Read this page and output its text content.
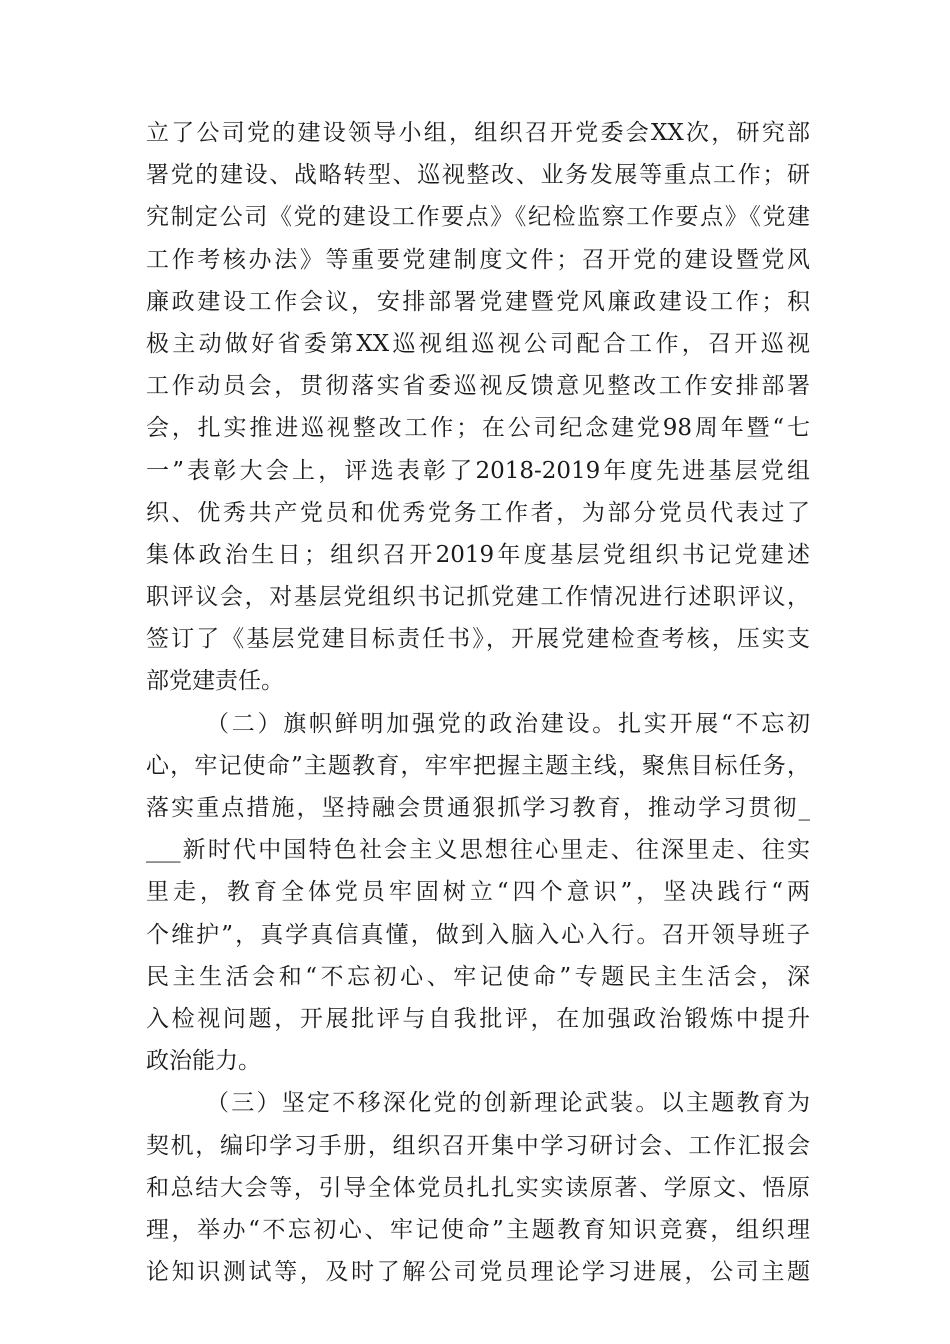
立了公司党的建设领导小组，组织召开党委会XX次，研究部
署党的建设、战略转型、巡视整改、业务发展等重点工作；研
究制定公司《党的建设工作要点》《纪检监察工作要点》《党建
工作考核办法》等重要党建制度文件；召开党的建设暨党风
廉政建设工作会议，安排部署党建暨党风廉政建设工作；积
极主动做好省委第XX巡视组巡视公司配合工作，召开巡视
工作动员会，贯彻落实省委巡视反馈意见整改工作安排部署
会，扎实推进巡视整改工作；在公司纪念建党98周年暨“七
一”表彰大会上，评选表彰了2018-2019年度先进基层党组
织、优秀共产党员和优秀党务工作者，为部分党员代表过了
集体政治生日；组织召开2019年度基层党组织书记党建述
职评议会，对基层党组织书记抓党建工作情况进行述职评议，
签订了《基层党建目标责任书》，开展党建检查考核，压实支
部党建责任。
（二）旗帜鲜明加强党的政治建设。扎实开展“不忘初
心，牢记使命”主题教育，牢牢把握主题主线，聚焦目标任务，
落实重点措施，坚持融会贯通狠抓学习教育，推动学习贯彻_
___新时代中国特色社会主义思想往心里走、往深里走、往实
里走，教育全体党员牢固树立“四个意识”，坚决践行“两
个维护”，真学真信真懂，做到入脑入心入行。召开领导班子
民主生活会和“不忘初心、牢记使命”专题民主生活会，深
入检视问题，开展批评与自我批评，在加强政治锻炼中提升
政治能力。
（三）坚定不移深化党的创新理论武装。以主题教育为
契机，编印学习手册，组织召开集中学习研讨会、工作汇报会
和总结大会等，引导全体党员扎扎实实读原著、学原文、悟原
理，举办“不忘初心、牢记使命”主题教育知识竞赛，组织理
论知识测试等，及时了解公司党员理论学习进展，公司主题
